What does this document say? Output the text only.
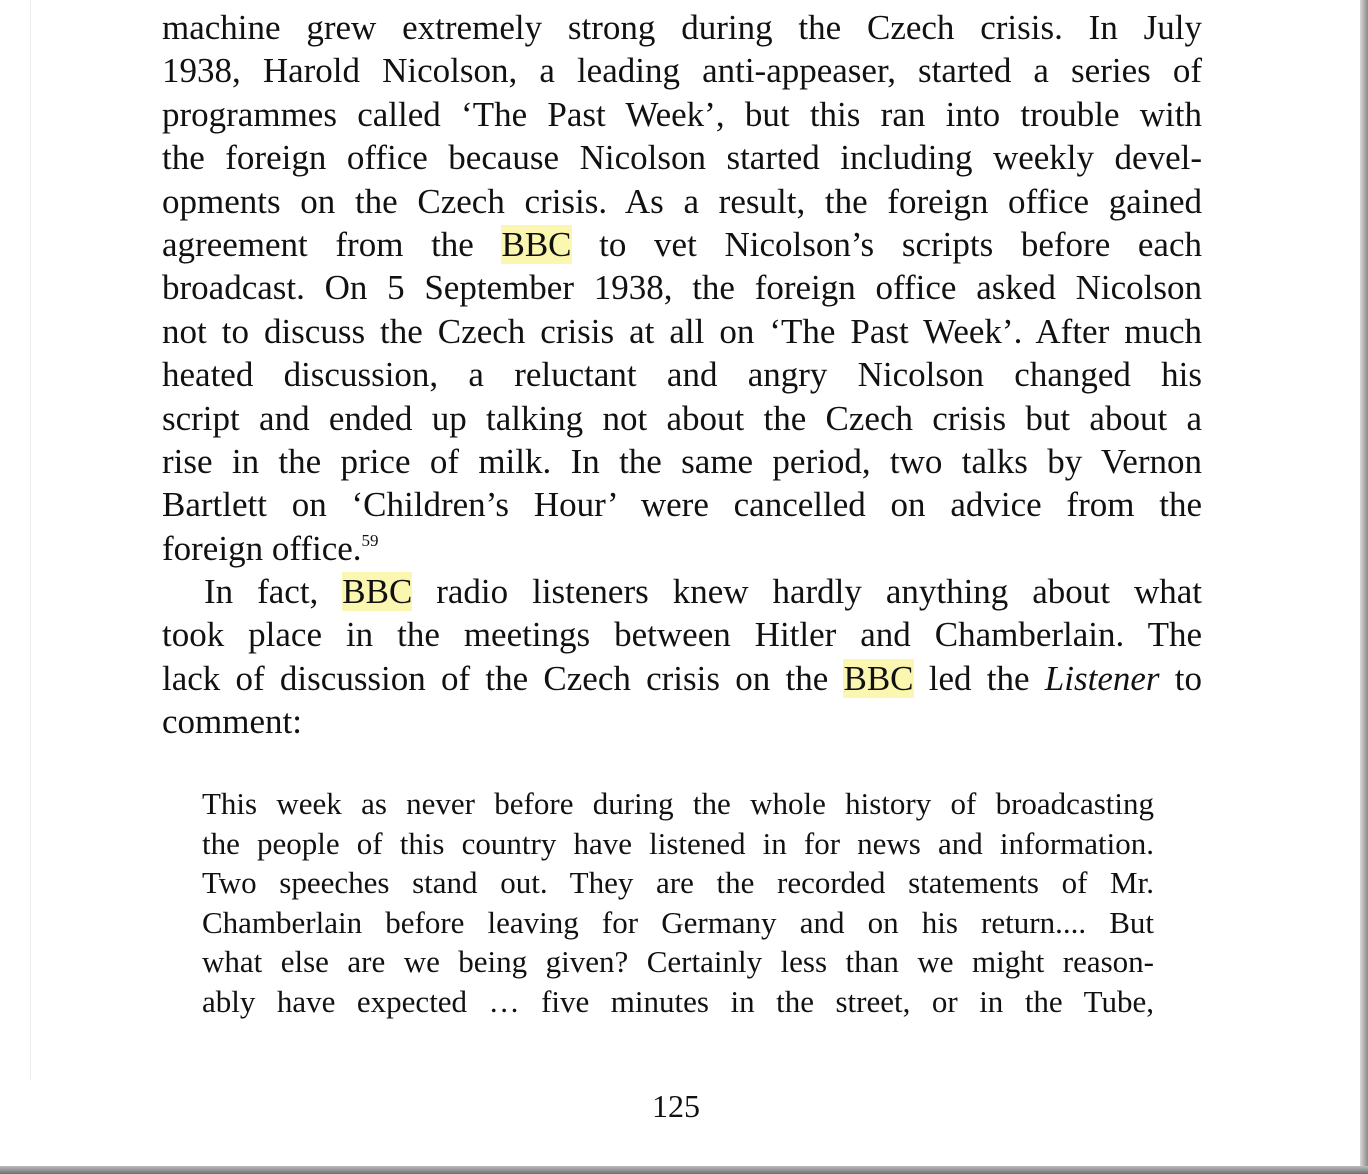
machine grew extremely strong during the Czech crisis. In July
1938, Harold Nicolson, a leading anti-appeaser, started a series of
programmes called ‘The Past Week’, but this ran into trouble with
the foreign office because Nicolson started including weekly devel-
opments on the Czech crisis. As a result, the foreign office gained
agreement from the BBC to vet Nicolson’s scripts before each
broadcast. On 5 September 1938, the foreign office asked Nicolson
not to discuss the Czech crisis at all on ‘The Past Week’. After much
heated discussion, a reluctant and angry Nicolson changed his
script and ended up talking not about the Czech crisis but about a
rise in the price of milk. In the same period, two talks by Vernon
Bartlett on ‘Children’s Hour’ were cancelled on advice from the
foreign office.$^{59}$
In fact, BBC radio listeners knew hardly anything about what
took place in the meetings between Hitler and Chamberlain. The
lack of discussion of the Czech crisis on the BBC led the Listener to
comment:
This week as never before during the whole history of broadcasting
the people of this country have listened in for news and information.
Two speeches stand out. They are the recorded statements of Mr.
Chamberlain before leaving for Germany and on his return.... But
what else are we being given? Certainly less than we might reason-
ably have expected … five minutes in the street, or in the Tube,
125
